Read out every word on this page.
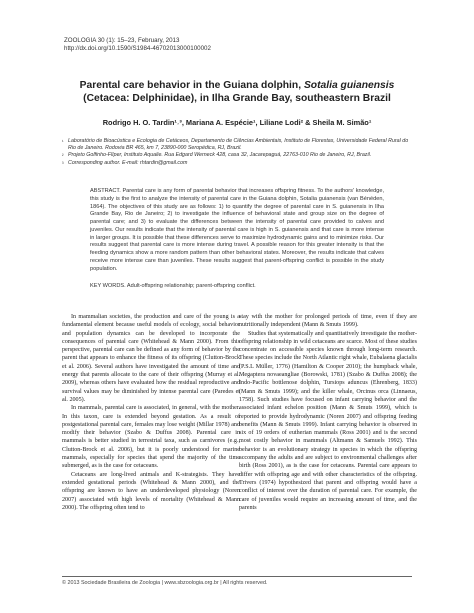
ZOOLOGIA 30 (1): 15–23, February, 2013
http://dx.doi.org/10.1590/S1984-46702013000100002
Parental care behavior in the Guiana dolphin, Sotalia guianensis
(Cetacea: Delphinidae), in Ilha Grande Bay, southeastern Brazil
Rodrigo H. O. Tardin¹˒³, Mariana A. Espécie¹, Liliane Lodi² & Sheila M. Simão¹
¹ Laboratório de Bioacústica e Ecologia de Cetáceos, Departamento de Ciências Ambientais, Instituto de Florestas, Universidade Federal Rural do Rio de Janeiro. Rodovia BR 465, km 7, 23890-000 Seropédica, RJ, Brazil.
² Projeto Golfinho-Flíper, Instituto Aqualie. Rua Edgard Werneck 428, casa 32, Jacarepaguá, 22763-010 Rio de Janeiro, RJ, Brazil.
³ Corresponding author. E-mail: rhtardin@gmail.com
ABSTRACT. Parental care is any form of parental behavior that increases offspring fitness. To the authors' knowledge, this study is the first to analyze the intensity of parental care in the Guiana dolphin, Sotalia guianensis (van Bénéden, 1864). The objectives of this study are as follows: 1) to quantify the degree of parental care in S. guianensis in Ilha Grande Bay, Rio de Janeiro; 2) to investigate the influence of behavioral state and group size on the degree of parental care; and 3) to evaluate the differences between the intensity of parental care provided to calves and juveniles. Our results indicate that the intensity of parental care is high in S. guianensis and that care is more intense in larger groups. It is possible that these differences serve to maximize hydrodynamic gains and to minimize risks. Our results suggest that parental care is more intense during travel. A possible reason for this greater intensity is that the feeding dynamics show a more random pattern than other behavioral states. Moreover, the results indicate that calves receive more intense care than juveniles. These results suggest that parent-offspring conflict is possible in the study population.
KEY WORDS. Adult-offspring relationship; parent-offspring conflict.

In mammalian societies, the production and care of the young is a fundamental element because useful models of ecology, social behavior and population dynamics can be developed to incorporate the consequences of parental care (Whitehead & Mann 2000). From this perspective, parental care can be defined as any form of behavior by the parent that appears to enhance the fitness of its offspring (Clutton-Brock et al. 2006). Several authors have investigated the amount of time and energy that parents allocate to the care of their offspring (Murray et al. 2009), whereas others have evaluated how the residual reproductive and survival values may be diminished by intense parental care (Paredes et al. 2005).

In mammals, parental care is associated, in general, with the mother. In this taxon, care is extended beyond gestation. As a result of postgestational parental care, females may lose weight (Millar 1978) and modify their behavior (Szabo & Duffus 2008). Parental care in mammals is better studied in terrestrial taxa, such as carnivores (e.g., Clutton-Brock et al. 2006), but it is poorly understood for marine mammals, especially for species that spend the majority of the time submerged, as is the case for cetaceans.

Cetaceans are long-lived animals and K-strategists. They have extended gestational periods (Whitehead & Mann 2000), and the offspring are known to have an underdeveloped physiology (Noren 2007) associated with high levels of mortality (Whitehead & Mann 2000). The offspring often tend to

stay with the mother for prolonged periods of time, even if they are nutritionally independent (Mann & Smuts 1999).

Studies that systematically and quantitatively investigate the mother-offspring relationship in wild cetaceans are scarce. Most of these studies concentrate on accessible species known through long-term research. These species include the North Atlantic right whale, Eubalaena glacialis (P.S.L Müller, 1776) (Hamilton & Cooper 2010); the humpback whale, Megaptera novaeangliae (Borowski, 1781) (Szabo & Duffus 2008); the Indo-Pacific bottlenose dolphin, Tursiops aduncus (Ehrenberg, 1833) (Mann & Smuts 1999); and the killer whale, Orcinus orca (Linnaeus, 1758). Such studies have focused on infant carrying behavior and the associated infant echelon position (Mann & Smuts 1999), which is reported to provide hydrodynamic (Noren 2007) and offspring feeding benefits (Mann & Smuts 1999). Infant carrying behavior is observed in six of 19 orders of eutherian mammals (Ross 2001) and is the second most costly behavior in mammals (Altmann & Samuels 1992). This behavior is an evolutionary strategy in species in which the offspring accompany the adults and are subject to environmental challenges after birth (Ross 2001), as is the case for cetaceans. Parental care appears to differ with offspring age and with other characteristics of the offspring. Trivers (1974) hypothesized that parent and offspring would have a conflict of interest over the duration of parental care. For example, the care of juveniles would require an increasing amount of time, and the parents

© 2013 Sociedade Brasileira de Zoologia | www.sbzoologia.org.br | All rights reserved.
